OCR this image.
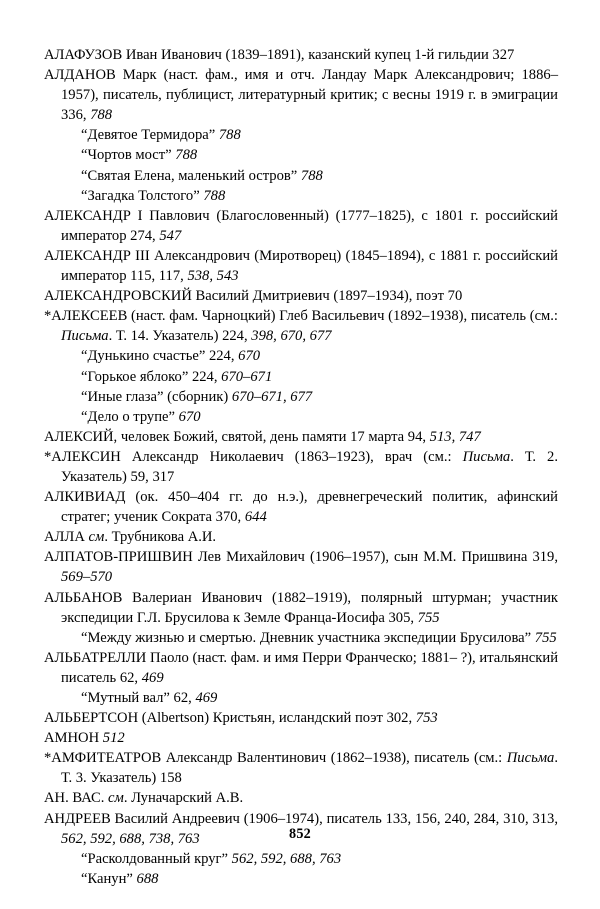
АЛАФУЗОВ Иван Иванович (1839–1891), казанский купец 1-й гильдии 327

АЛДАНОВ Марк (наст. фам., имя и отч. Ландау Марк Александрович; 1886–1957), писатель, публицист, литературный критик; с весны 1919 г. в эмиграции 336, 788

“Девятое Термидора” 788

“Чортов мост” 788

“Святая Елена, маленький остров” 788

“Загадка Толстого” 788

АЛЕКСАНДР I Павлович (Благословенный) (1777–1825), с 1801 г. российский император 274, 547

АЛЕКСАНДР III Александрович (Миротворец) (1845–1894), с 1881 г. российский император 115, 117, 538, 543

АЛЕКСАНДРОВСКИЙ Василий Дмитриевич (1897–1934), поэт 70

*АЛЕКСЕЕВ (наст. фам. Чарноцкий) Глеб Васильевич (1892–1938), писатель (см.: Письма. Т. 14. Указатель) 224, 398, 670, 677

“Дунькино счастье” 224, 670

“Горькое яблоко” 224, 670–671

“Иные глаза” (сборник) 670–671, 677

“Дело о трупе” 670

АЛЕКСИЙ, человек Божий, святой, день памяти 17 марта 94, 513, 747

*АЛЕКСИН Александр Николаевич (1863–1923), врач (см.: Письма. Т. 2. Указатель) 59, 317

АЛКИВИАД (ок. 450–404 гг. до н.э.), древнегреческий политик, афинский стратег; ученик Сократа 370, 644

АЛЛА см. Трубникова А.И.

АЛПАТОВ-ПРИШВИН Лев Михайлович (1906–1957), сын М.М. Пришвина 319, 569–570

АЛЬБАНОВ Валериан Иванович (1882–1919), полярный штурман; участник экспедиции Г.Л. Брусилова к Земле Франца-Иосифа 305, 755

“Между жизнью и смертью. Дневник участника экспедиции Брусилова” 755

АЛЬБАТРЕЛЛИ Паоло (наст. фам. и имя Перри Франческо; 1881– ?), итальянский писатель 62, 469

“Мутный вал” 62, 469

АЛЬБЕРТСОН (Albertson) Кристьян, исландский поэт 302, 753

АМНОН 512

*АМФИТЕАТРОВ Александр Валентинович (1862–1938), писатель (см.: Письма. Т. 3. Указатель) 158

АН. ВАС. см. Луначарский А.В.

АНДРЕЕВ Василий Андреевич (1906–1974), писатель 133, 156, 240, 284, 310, 313, 562, 592, 688, 738, 763

“Расколдованный круг” 562, 592, 688, 763

“Канун” 688

852
